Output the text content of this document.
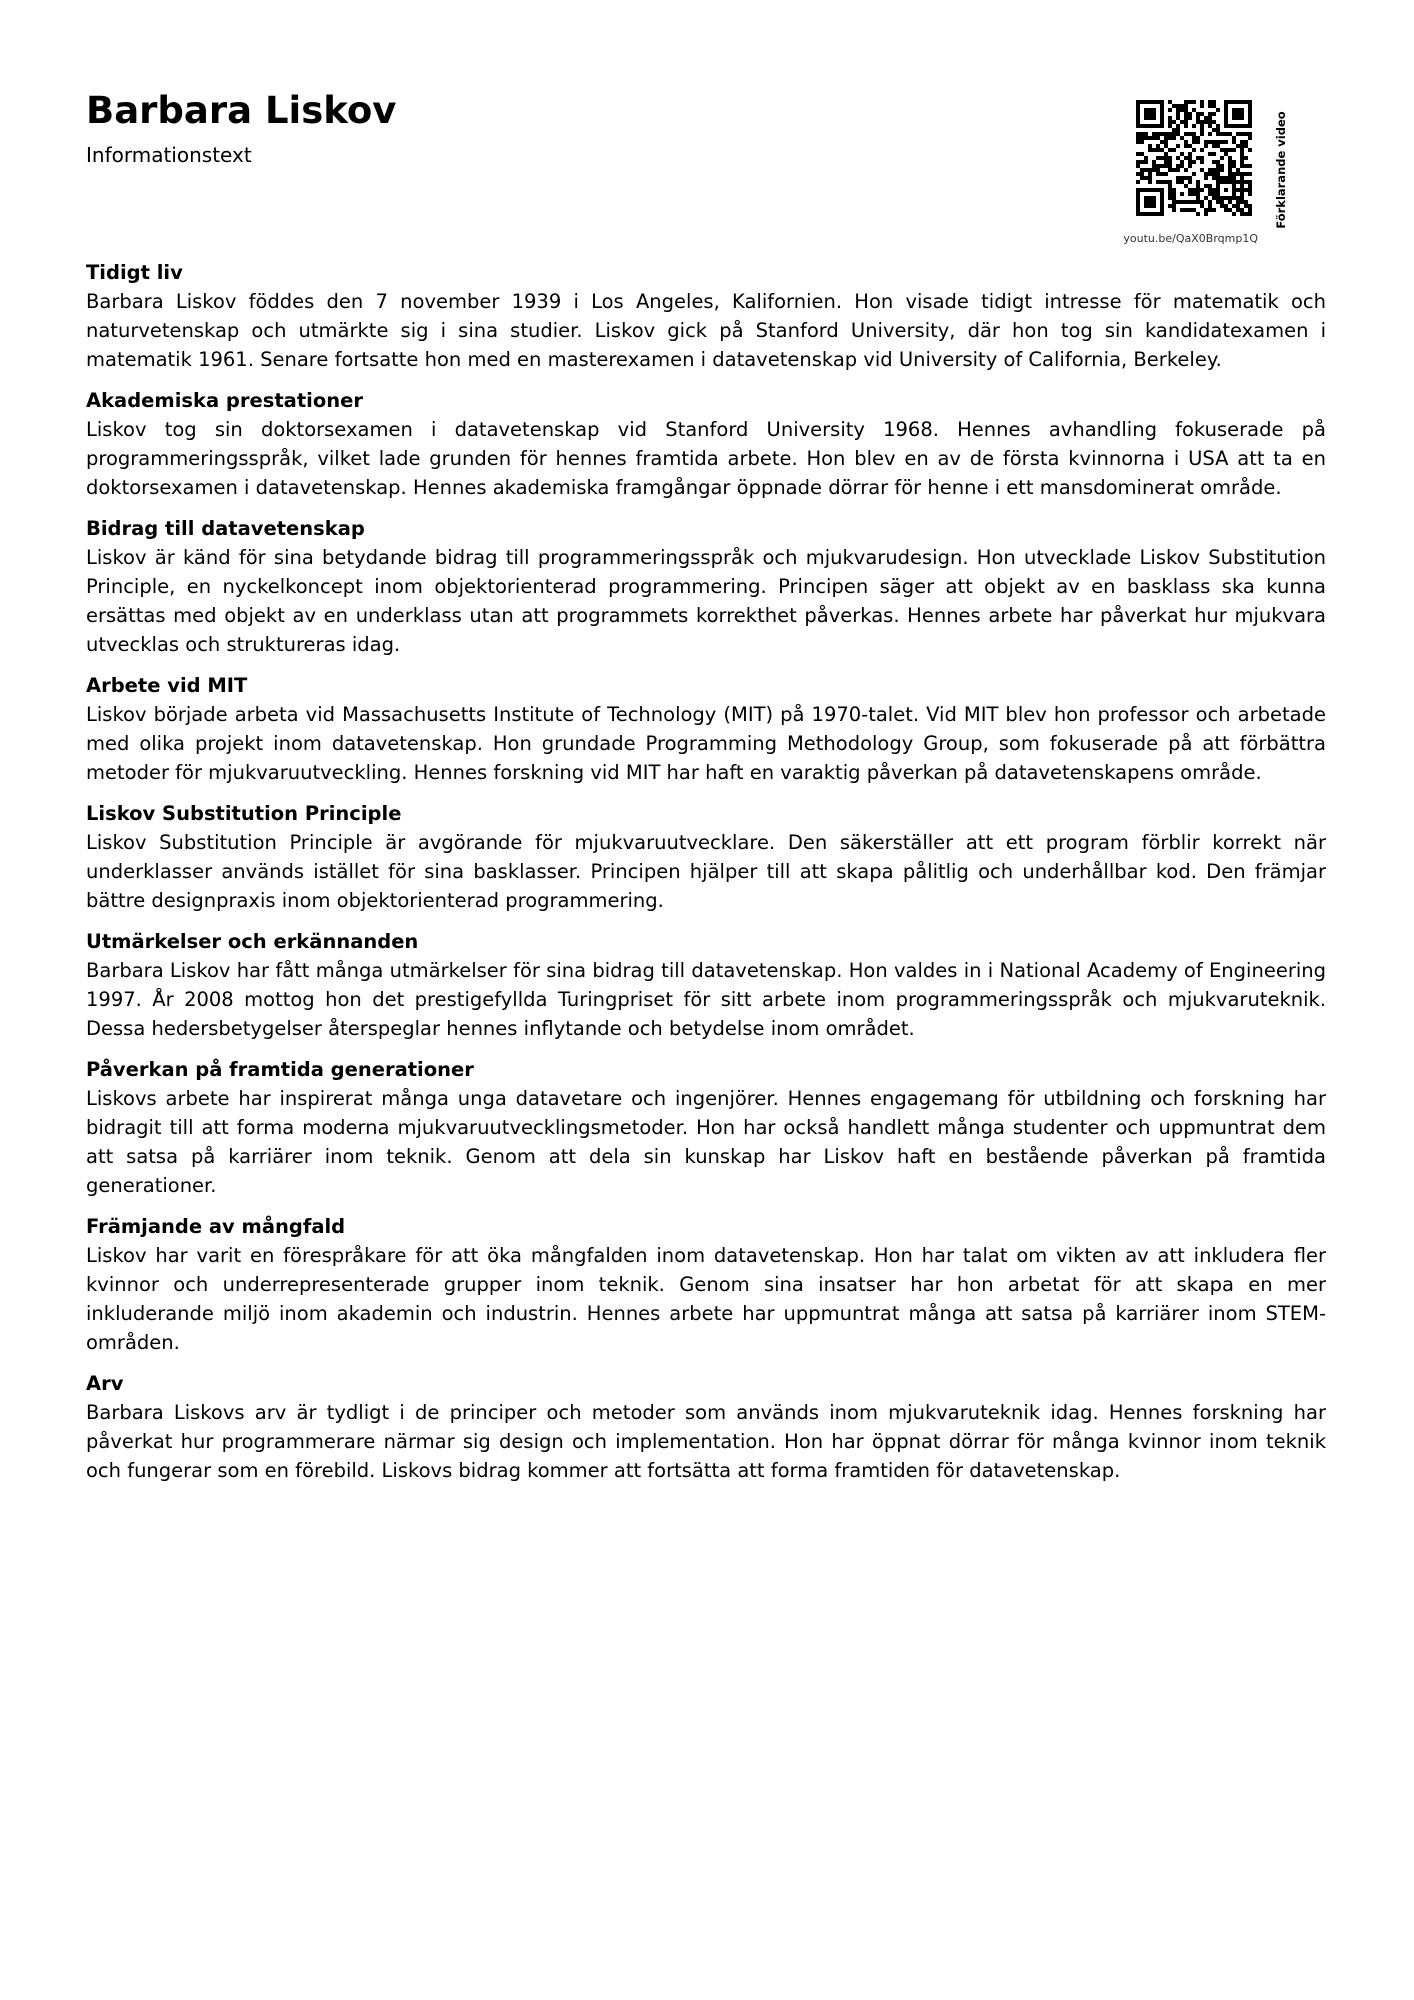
Barbara Liskov
Informationstext
youtu.be/QaX0Brqmp1Q
Förklarande video
Tidigt liv

Barbara Liskov föddes den 7 november 1939 i Los Angeles, Kalifornien. Hon visade tidigt intresse för matematik och naturvetenskap och utmärkte sig i sina studier. Liskov gick på Stanford University, där hon tog sin kandidatexamen i matematik 1961. Senare fortsatte hon med en masterexamen i datavetenskap vid University of California, Berkeley.

Akademiska prestationer

Liskov tog sin doktorsexamen i datavetenskap vid Stanford University 1968. Hennes avhandling fokuserade på programmeringsspråk, vilket lade grunden för hennes framtida arbete. Hon blev en av de första kvinnorna i USA att ta en doktorsexamen i datavetenskap. Hennes akademiska framgångar öppnade dörrar för henne i ett mansdominerat område.

Bidrag till datavetenskap

Liskov är känd för sina betydande bidrag till programmeringsspråk och mjukvarudesign. Hon utvecklade Liskov Substitution Principle, en nyckelkoncept inom objektorienterad programmering. Principen säger att objekt av en basklass ska kunna ersättas med objekt av en underklass utan att programmets korrekthet påverkas. Hennes arbete har påverkat hur mjukvara utvecklas och struktureras idag.

Arbete vid MIT

Liskov började arbeta vid Massachusetts Institute of Technology (MIT) på 1970-talet. Vid MIT blev hon professor och arbetade med olika projekt inom datavetenskap. Hon grundade Programming Methodology Group, som fokuserade på att förbättra metoder för mjukvaruutveckling. Hennes forskning vid MIT har haft en varaktig påverkan på datavetenskapens område.

Liskov Substitution Principle

Liskov Substitution Principle är avgörande för mjukvaruutvecklare. Den säkerställer att ett program förblir korrekt när underklasser används istället för sina basklasser. Principen hjälper till att skapa pålitlig och underhållbar kod. Den främjar bättre designpraxis inom objektorienterad programmering.

Utmärkelser och erkännanden

Barbara Liskov har fått många utmärkelser för sina bidrag till datavetenskap. Hon valdes in i National Academy of Engineering 1997. År 2008 mottog hon det prestigefyllda Turingpriset för sitt arbete inom programmeringsspråk och mjukvaruteknik. Dessa hedersbetygelser återspeglar hennes inflytande och betydelse inom området.

Påverkan på framtida generationer

Liskovs arbete har inspirerat många unga datavetare och ingenjörer. Hennes engagemang för utbildning och forskning har bidragit till att forma moderna mjukvaruutvecklingsmetoder. Hon har också handlett många studenter och uppmuntrat dem att satsa på karriärer inom teknik. Genom att dela sin kunskap har Liskov haft en bestående påverkan på framtida generationer.

Främjande av mångfald

Liskov har varit en förespråkare för att öka mångfalden inom datavetenskap. Hon har talat om vikten av att inkludera fler kvinnor och underrepresenterade grupper inom teknik. Genom sina insatser har hon arbetat för att skapa en mer inkluderande miljö inom akademin och industrin. Hennes arbete har uppmuntrat många att satsa på karriärer inom STEM-områden.

Arv

Barbara Liskovs arv är tydligt i de principer och metoder som används inom mjukvaruteknik idag. Hennes forskning har påverkat hur programmerare närmar sig design och implementation. Hon har öppnat dörrar för många kvinnor inom teknik och fungerar som en förebild. Liskovs bidrag kommer att fortsätta att forma framtiden för datavetenskap.
